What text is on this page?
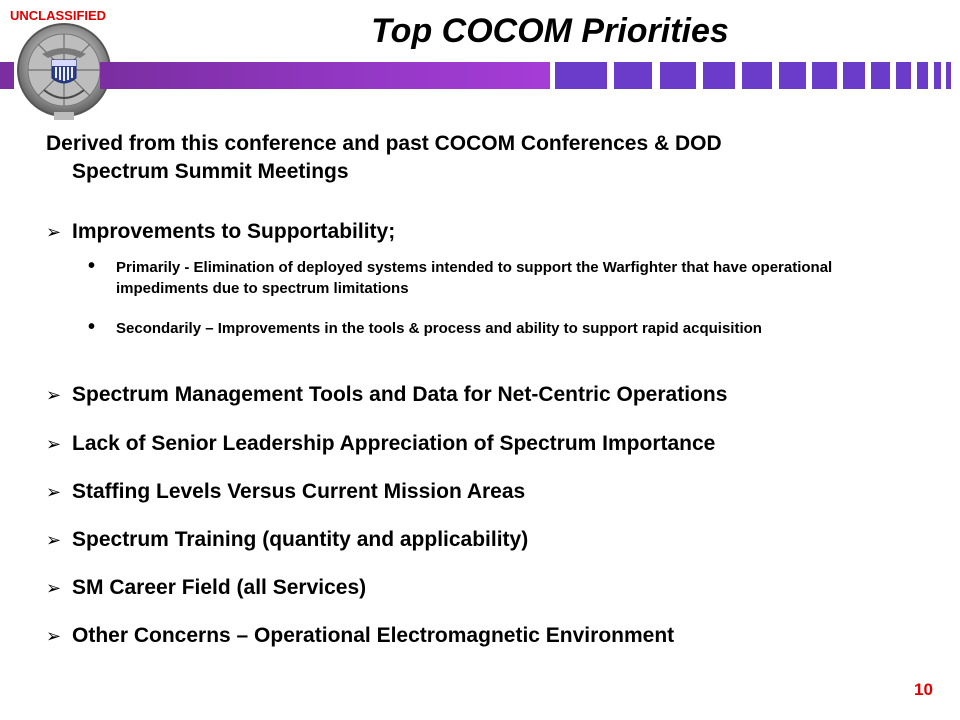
UNCLASSIFIED	Top COCOM Priorities
Derived from this conference and past COCOM Conferences & DOD
Spectrum Summit Meetings
➢ Improvements to Supportability;
•	Primarily - Elimination of deployed systems intended to support the Warfighter that have operational impediments due to spectrum limitations
•	Secondarily – Improvements in the tools & process and ability to support rapid acquisition
➢ Spectrum Management Tools and Data for Net-Centric Operations
➢ Lack of Senior Leadership Appreciation of Spectrum Importance
➢ Staffing Levels Versus Current Mission Areas
➢ Spectrum Training (quantity and applicability)
➢ SM Career Field (all Services)
➢ Other Concerns – Operational Electromagnetic Environment
10
